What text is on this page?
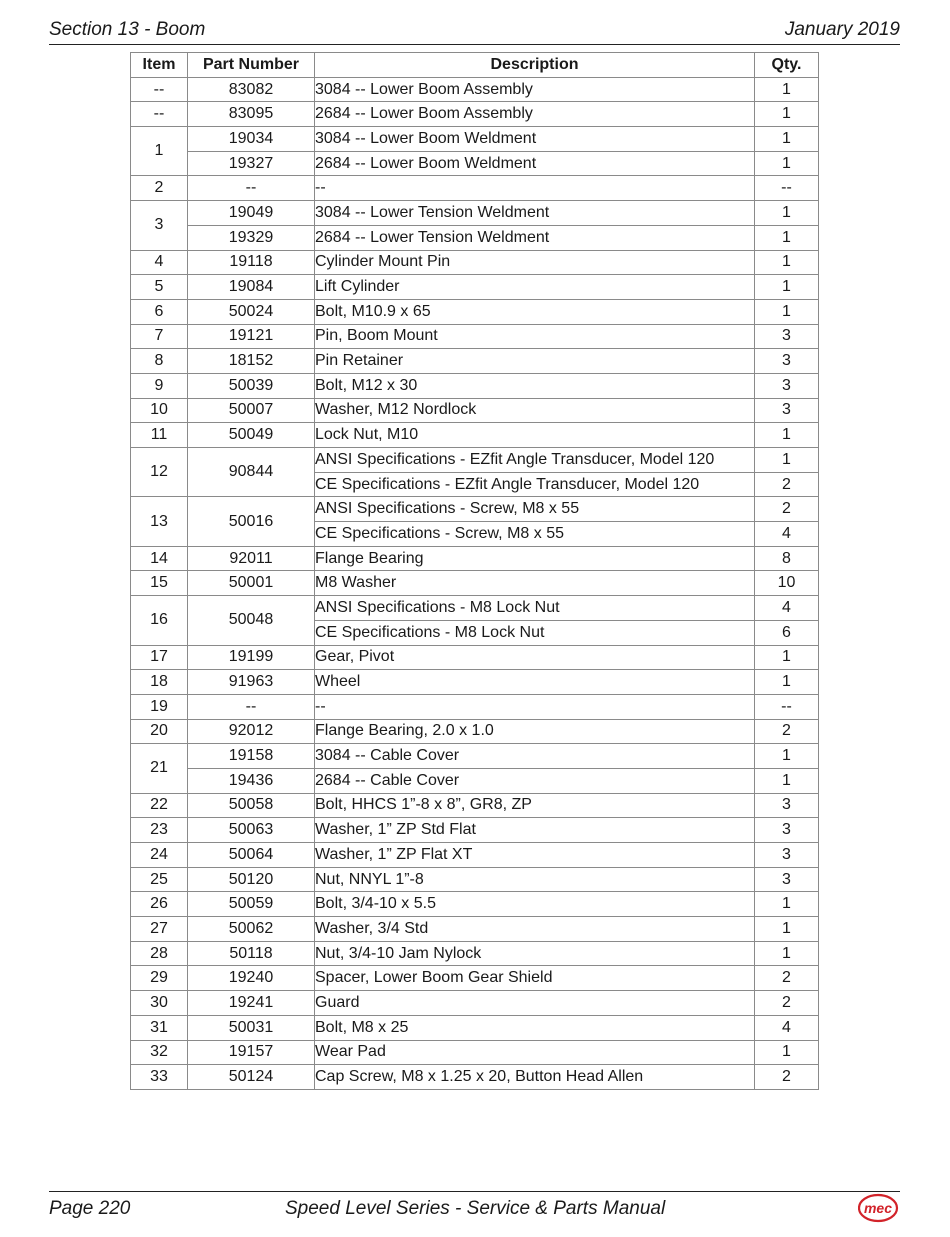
Section 13 - Boom	January 2019
Item	Part Number	Description	Qty.
--	83082	3084 -- Lower Boom Assembly	1
--	83095	2684 -- Lower Boom Assembly	1
1	19034	3084 -- Lower Boom Weldment	1
	19327	2684 -- Lower Boom Weldment	1
2	--	--	--
3	19049	3084 -- Lower Tension Weldment	1
	19329	2684 -- Lower Tension Weldment	1
4	19118	Cylinder Mount Pin	1
5	19084	Lift Cylinder	1
6	50024	Bolt, M10.9 x 65	1
7	19121	Pin, Boom Mount	3
8	18152	Pin Retainer	3
9	50039	Bolt, M12 x 30	3
10	50007	Washer, M12 Nordlock	3
11	50049	Lock Nut, M10	1
12	90844	ANSI Specifications - EZfit Angle Transducer, Model 120	1
		CE Specifications - EZfit Angle Transducer, Model 120	2
13	50016	ANSI Specifications - Screw, M8 x 55	2
		CE Specifications - Screw, M8 x 55	4
14	92011	Flange Bearing	8
15	50001	M8 Washer	10
16	50048	ANSI Specifications - M8 Lock Nut	4
		CE Specifications - M8 Lock Nut	6
17	19199	Gear, Pivot	1
18	91963	Wheel	1
19	--	--	--
20	92012	Flange Bearing, 2.0 x 1.0	2
21	19158	3084 -- Cable Cover	1
	19436	2684 -- Cable Cover	1
22	50058	Bolt, HHCS 1”-8 x 8”, GR8, ZP	3
23	50063	Washer, 1” ZP Std Flat	3
24	50064	Washer, 1” ZP Flat XT	3
25	50120	Nut, NNYL 1”-8	3
26	50059	Bolt, 3/4-10 x 5.5	1
27	50062	Washer, 3/4 Std	1
28	50118	Nut, 3/4-10 Jam Nylock	1
29	19240	Spacer, Lower Boom Gear Shield	2
30	19241	Guard	2
31	50031	Bolt, M8 x 25	4
32	19157	Wear Pad	1
33	50124	Cap Screw, M8 x 1.25 x 20, Button Head Allen	2
Page 220	Speed Level Series - Service & Parts Manual	mec
